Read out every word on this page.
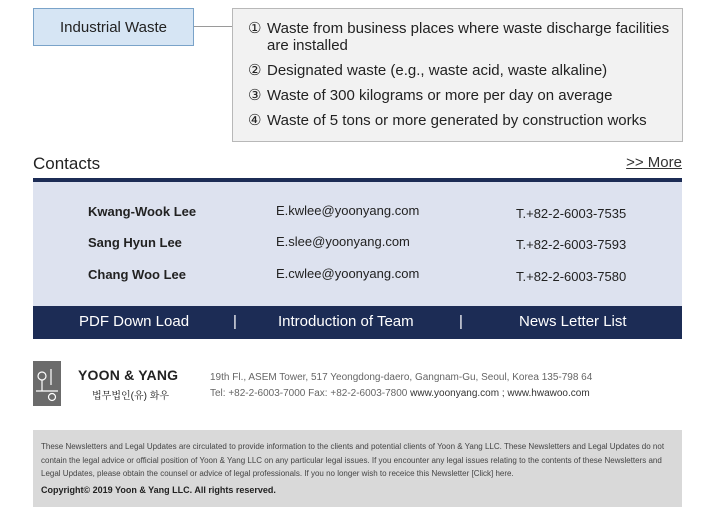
Industrial Waste	① Waste from business places where waste discharge facilities are installed
② Designated waste (e.g., waste acid, waste alkaline)
③ Waste of 300 kilograms or more per day on average
④ Waste of 5 tons or more generated by construction works
Contacts	>> More
Kwang-Wook Lee	E.kwlee@yoonyang.com	T.+82-2-6003-7535
Sang Hyun Lee	E.slee@yoonyang.com	T.+82-2-6003-7593
Chang Woo Lee	E.cwlee@yoonyang.com	T.+82-2-6003-7580
PDF Down Load	|	Introduction of Team	|	News Letter List
YOON & YANG
법무법인(유) 화우
19th Fl., ASEM Tower, 517 Yeongdong-daero, Gangnam-Gu, Seoul, Korea 135-798 64
Tel: +82-2-6003-7000 Fax: +82-2-6003-7800 www.yoonyang.com ; www.hwawoo.com
These Newsletters and Legal Updates are circulated to provide information to the clients and potential clients of Yoon & Yang LLC. These Newsletters and Legal Updates do not contain the legal advice or official position of Yoon & Yang LLC on any particular legal issues. If you encounter any legal issues relating to the contents of these Newsletters and Legal Updates, please obtain the counsel or advice of legal professionals. If you no longer wish to receice this Newsletter [Click] here.
Copyright© 2019 Yoon & Yang LLC. All rights reserved.
